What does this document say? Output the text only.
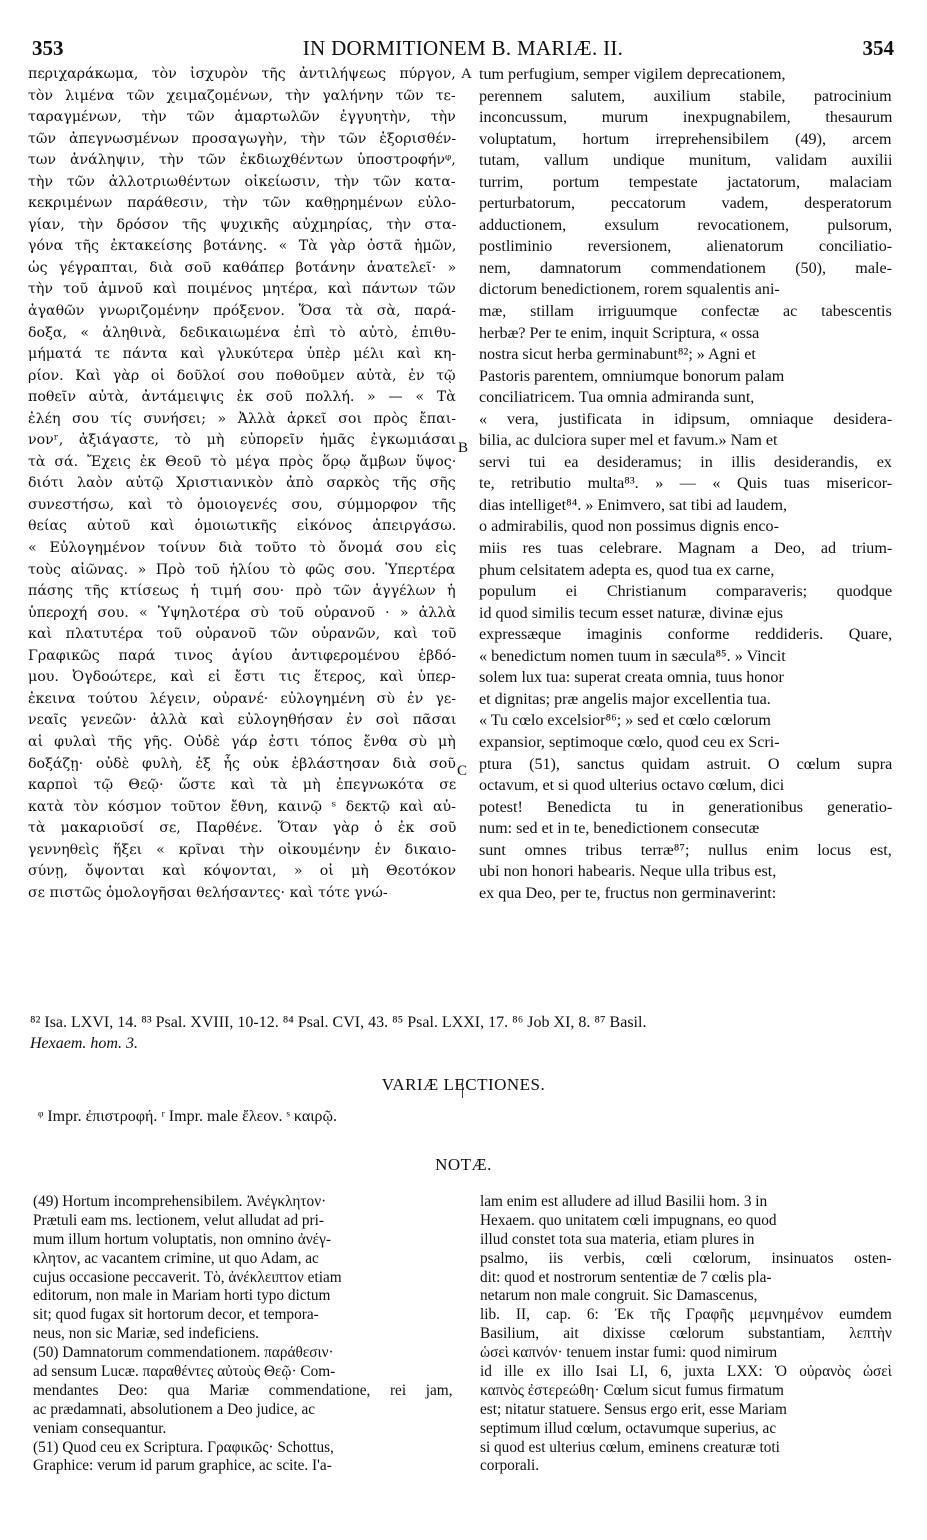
353	IN DORMITIONEM B. MARIÆ. II.	354
περιχαράκωμα, τὸν ἰσχυρὸν τῆς ἀντιλήψεως πύργον,
τὸν λιμένα τῶν χειμαζομένων, τὴν γαλήνην τῶν τε-
ταραγμένων, τὴν τῶν ἁμαρτωλῶν ἐγγυητὴν, τὴν
τῶν ἀπεγνωσμένων προσαγωγὴν, τὴν τῶν ἐξορισθέν-
των ἀνάληψιν, τὴν τῶν ἐκδιωχθέντων ὑποστροφήνᵠ,
τὴν τῶν ἀλλοτριωθέντων οἰκείωσιν, τὴν τῶν κατα-
κεκριμένων παράθεσιν, τὴν τῶν καθῃρημένων εὐλο-
γίαν, τὴν δρόσον τῆς ψυχικῆς αὐχμηρίας, τὴν στα-
γόνα τῆς ἐκτακείσης βοτάνης. « Τὰ γὰρ ὀστᾶ ἡμῶν,
ὡς γέγραπται, διὰ σοῦ καθάπερ βοτάνην ἀνατελεῖ· »
τὴν τοῦ ἀμνοῦ καὶ ποιμένος μητέρα, καὶ πάντων τῶν
ἀγαθῶν γνωριζομένην πρόξενον. Ὅσα τὰ σὰ, παρά-
δοξα, « ἀληθινὰ, δεδικαιωμένα ἐπὶ τὸ αὐτὸ, ἐπιθυ-
μήματά τε πάντα καὶ γλυκύτερα ὑπὲρ μέλι καὶ κη-
ρίον. Καὶ γὰρ οἱ δοῦλοί σου ποθοῦμεν αὐτὰ, ἐν τῷ
ποθεῖν αὐτὰ, ἀντάμειψις ἐκ σοῦ πολλή. » — « Τὰ
ἐλέη σου τίς συνήσει; » Ἀλλὰ ἀρκεῖ σοι πρὸς ἔπαι-
νονʳ, ἀξιάγαστε, τὸ μὴ εὐπορεῖν ἡμᾶς ἐγκωμιάσαι
τὰ σά. Ἔχεις ἐκ Θεοῦ τὸ μέγα πρὸς ὅρῳ ἄμβων ὕψος·
διότι λαὸν αὐτῷ Χριστιανικὸν ἀπὸ σαρκὸς τῆς σῆς
συνεστήσω, καὶ τὸ ὁμοιογενές σου, σύμμορφον τῆς
θείας αὐτοῦ καὶ ὁμοιωτικῆς εἰκόνος ἀπειργάσω.
« Εὐλογημένον τοίνυν διὰ τοῦτο τὸ ὄνομά σου εἰς
τοὺς αἰῶνας. » Πρὸ τοῦ ἡλίου τὸ φῶς σου. Ὑπερτέρα
πάσης τῆς κτίσεως ἡ τιμή σου· πρὸ τῶν ἀγγέλων ἡ
ὑπεροχή σου. « Ὑψηλοτέρα σὺ τοῦ οὐρανοῦ · » ἀλλὰ
καὶ πλατυτέρα τοῦ οὐρανοῦ τῶν οὐρανῶν, καὶ τοῦ
Γραφικῶς παρά τινος ἁγίου ἀντιφερομένου ἑβδό-
μου. Ὀγδοώτερε, καὶ εἰ ἔστι τις ἕτερος, καὶ ὑπερ-
ἐκεινα τούτου λέγειν, οὐρανέ· εὐλογημένη σὺ ἐν γε-
νεαῖς γενεῶν· ἀλλὰ καὶ εὐλογηθήσαν ἐν σοὶ πᾶσαι
αἱ φυλαὶ τῆς γῆς. Οὐδὲ γάρ ἐστι τόπος ἔνθα σὺ μὴ
δοξάζῃ· οὐδὲ φυλὴ, ἐξ ἧς οὐκ ἐβλάστησαν διὰ σοῦ
καρποὶ τῷ Θεῷ· ὥστε καὶ τὰ μὴ ἐπεγνωκότα σε
κατὰ τὸν κόσμον τοῦτον ἔθνη, καινῷ ˢ δεκτῷ καὶ αὐ-
τὰ μακαριοῦσί σε, Παρθένε. Ὅταν γὰρ ὁ ἐκ σοῦ
γεννηθεὶς ἥξει « κρῖναι τὴν οἰκουμένην ἐν δικαιο-
σύνῃ, ὄψονται καὶ κόψονται, » οἱ μὴ Θεοτόκον
σε πιστῶς ὁμολογῆσαι θελήσαντες· καὶ τότε γνώ-
tum perfugium, semper vigilem deprecationem,
perennem salutem, auxilium stabile, patrocinium
inconcussum, murum inexpugnabilem, thesaurum
voluptatum, hortum irreprehensibilem (49), arcem
tutam, vallum undique munitum, validam auxilii
turrim, portum tempestate jactatorum, malaciam
perturbatorum, peccatorum vadem, desperatorum
adductionem, exsulum revocationem, pulsorum,
postliminio reversionem, alienatorum conciliatio-
nem, damnatorum commendationem (50), male-
dictorum benedictionem, rorem squalentis ani-
mæ, stillam irriguumque confectæ ac tabescentis
herbæ? Per te enim, inquit Scriptura, « ossa
nostra sicut herba germinabunt⁸²; » Agni et
Pastoris parentem, omniumque bonorum palam
conciliatricem. Tua omnia admiranda sunt,
« vera, justificata in idipsum, omniaque desidera-
bilia, ac dulciora super mel et favum.» Nam et
servi tui ea desideramus; in illis desiderandis, ex
te, retributio multa⁸³. » — « Quis tuas misericor-
dias intelliget⁸⁴. » Enimvero, sat tibi ad laudem,
o admirabilis, quod non possimus dignis enco-
miis res tuas celebrare. Magnam a Deo, ad trium-
phum celsitatem adepta es, quod tua ex carne,
populum ei Christianum comparaveris; quodque
id quod similis tecum esset naturæ, divinæ ejus
expressæque imaginis conforme reddideris. Quare,
« benedictum nomen tuum in sæcula⁸⁵. » Vincit
solem lux tua: superat creata omnia, tuus honor
et dignitas; præ angelis major excellentia tua.
« Tu cœlo excelsior⁸⁶; » sed et cœlo cœlorum
expansior, septimoque cœlo, quod ceu ex Scri-
ptura (51), sanctus quidam astruit. O cœlum supra
octavum, et si quod ulterius octavo cœlum, dici
potest! Benedicta tu in generationibus generatio-
num: sed et in te, benedictionem consecutæ
sunt omnes tribus terræ⁸⁷; nullus enim locus est,
ubi non honori habearis. Neque ulla tribus est,
ex qua Deo, per te, fructus non germinaverint:
A
B
C
⁸² Isa. LXVI, 14. ⁸³ Psal. XVIII, 10-12. ⁸⁴ Psal. CVI, 43. ⁸⁵ Psal. LXXI, 17. ⁸⁶ Job XI, 8. ⁸⁷ Basil.
Hexaem. hom. 3.
VARIÆ LECTIONES.
ᵠ Impr. ἐπιστροφή. ʳ Impr. male ἔλεον. ˢ καιρῷ.
NOTÆ.
(49) Hortum incomprehensibilem. Ἀνέγκλητον·
Prætuli eam ms. lectionem, velut alludat ad pri-
mum illum hortum voluptatis, non omnino ἀνέγ-
κλητον, ac vacantem crimine, ut quo Adam, ac
cujus occasione peccaverit. Τὸ, ἀνέκλειπτον etiam
editorum, non male in Mariam horti typo dictum
sit; quod fugax sit hortorum decor, et tempora-
neus, non sic Mariæ, sed indeficiens.
(50) Damnatorum commendationem. παράθεσιν·
ad sensum Lucæ. παραθέντες αὐτοὺς Θεῷ· Com-
mendantes Deo: qua Mariæ commendatione, rei jam,
ac prædamnati, absolutionem a Deo judice, ac
veniam consequantur.
(51) Quod ceu ex Scriptura. Γραφικῶς· Schottus,
Graphice: verum id parum graphice, ac scite. I'a-
lam enim est alludere ad illud Basilii hom. 3 in
Hexaem. quo unitatem cœli impugnans, eo quod
illud constet tota sua materia, etiam plures in
psalmo, iis verbis, cœli cœlorum, insinuatos osten-
dit: quod et nostrorum sententiæ de 7 cœlis pla-
netarum non male congruit. Sic Damascenus,
lib. II, cap. 6: Ἐκ τῆς Γραφῆς μεμνημένον eumdem
Basilium, ait dixisse cœlorum substantiam, λεπτὴν
ὡσεὶ καπνόν· tenuem instar fumi: quod nimirum
id ille ex illo Isai LI, 6, juxta LXX: Ὁ οὐρανὸς ὡσεὶ
καπνὸς ἐστερεώθη· Cœlum sicut fumus firmatum
est; nitatur statuere. Sensus ergo erit, esse Mariam
septimum illud cœlum, octavumque superius, ac
si quod est ulterius cœlum, eminens creaturæ toti
corporali.
